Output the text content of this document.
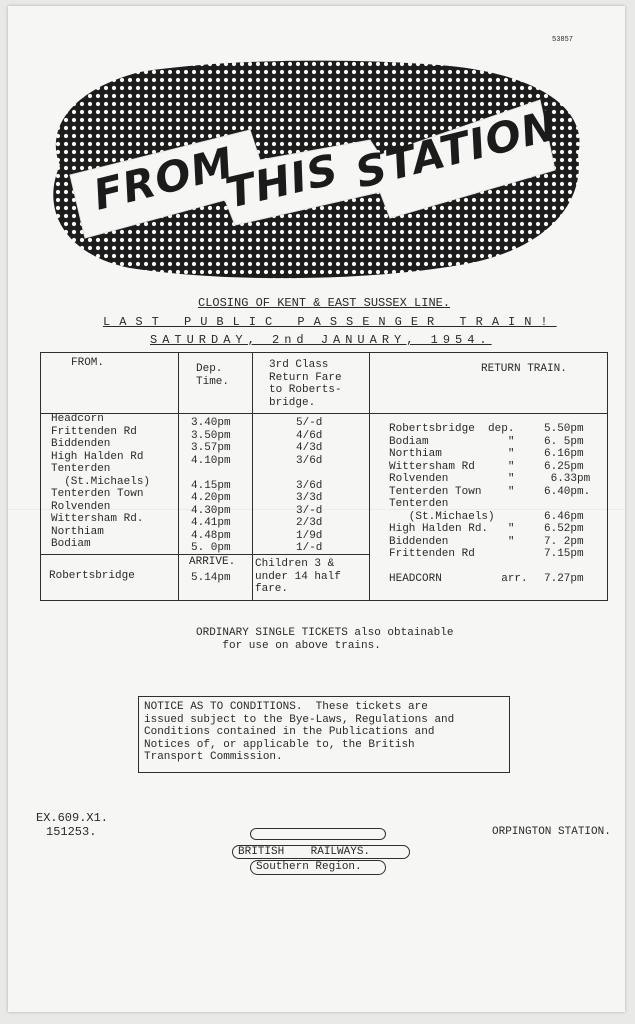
53857
FROM
THIS STATION
CLOSING OF KENT & EAST SUSSEX LINE.
LAST PUBLIC PASSENGER TRAIN!
SATURDAY, 2nd JANUARY, 1954.
FROM.	Dep.
Time.
3rd Class
Return Fare
to Roberts-
bridge.
RETURN TRAIN.
Headcorn
Frittenden Rd
Biddenden
High Halden Rd
Tenterden
(St.Michaels)
Tenterden Town
Rolvenden
Wittersham Rd.
Northiam
Bodiam
3.40pm
3.50pm
3.57pm
4.10pm

4.15pm
4.20pm
4.30pm
4.41pm
4.48pm
5. 0pm
5/-d
4/6d
4/3d
3/6d

3/6d
3/3d
3/-d
2/3d
1/9d
1/-d
Robertsbridge
ARRIVE.
5.14pm
Children 3 &
under 14 half
fare.
Robertsbridge  dep.
Bodiam            "
Northiam          "
Wittersham Rd     "
Rolvenden         "
Tenterden Town    "
Tenterden
(St.Michaels)
High Halden Rd.   "
Biddenden         "
Frittenden Rd

HEADCORN         arr.
5.50pm
6. 5pm
6.16pm
6.25pm
6.33pm
6.40pm.

6.46pm
6.52pm
7. 2pm
7.15pm

7.27pm
ORDINARY SINGLE TICKETS also obtainable
for use on above trains.
NOTICE AS TO CONDITIONS.  These tickets are
issued subject to the Bye-Laws, Regulations and
Conditions contained in the Publications and
Notices of, or applicable to, the British
Transport Commission.
EX.609.X1.
151253.
BRITISH    RAILWAYS.
Southern Region.
ORPINGTON STATION.
